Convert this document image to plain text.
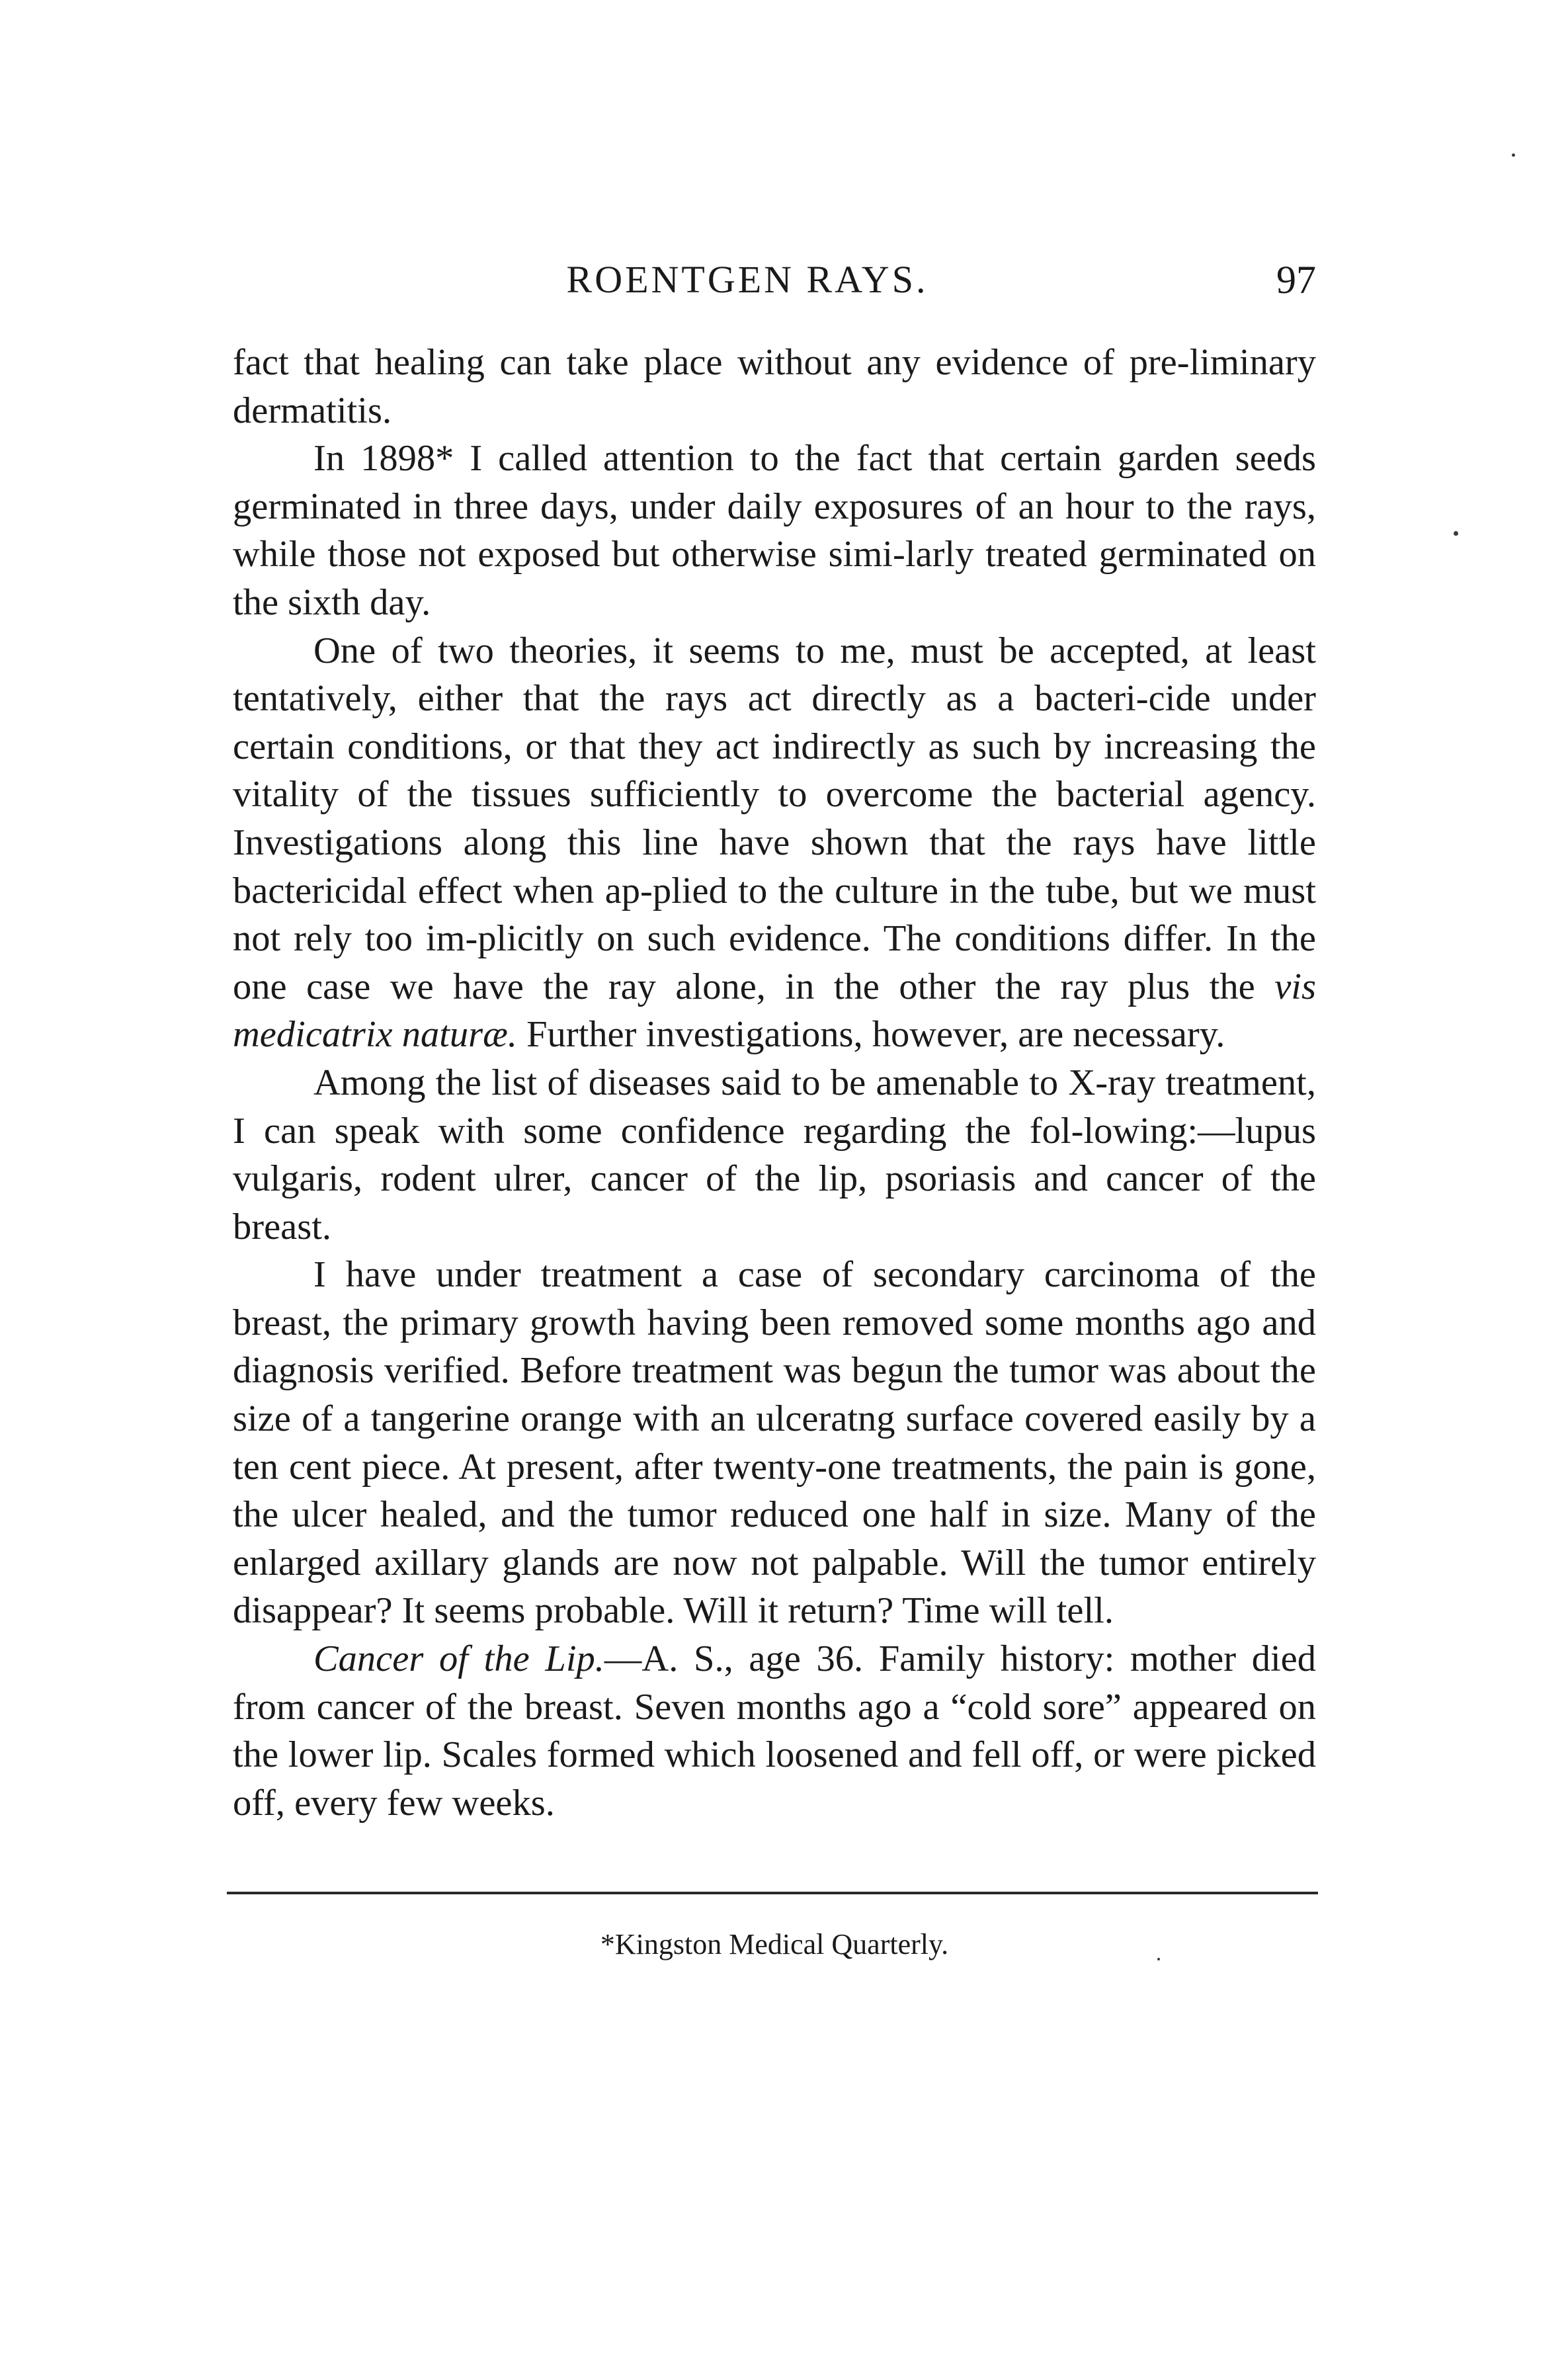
ROENTGEN RAYS.	97

fact that healing can take place without any evidence of pre-liminary dermatitis.

In 1898* I called attention to the fact that certain garden seeds germinated in three days, under daily exposures of an hour to the rays, while those not exposed but otherwise simi-larly treated germinated on the sixth day.

One of two theories, it seems to me, must be accepted, at least tentatively, either that the rays act directly as a bacteri-cide under certain conditions, or that they act indirectly as such by increasing the vitality of the tissues sufficiently to overcome the bacterial agency. Investigations along this line have shown that the rays have little bactericidal effect when ap-plied to the culture in the tube, but we must not rely too im-plicitly on such evidence. The conditions differ. In the one case we have the ray alone, in the other the ray plus the vis medicatrix naturæ. Further investigations, however, are necessary.

Among the list of diseases said to be amenable to X-ray treatment, I can speak with some confidence regarding the fol-lowing:—lupus vulgaris, rodent ulrer, cancer of the lip, psoriasis and cancer of the breast.

I have under treatment a case of secondary carcinoma of the breast, the primary growth having been removed some months ago and diagnosis verified. Before treatment was begun the tumor was about the size of a tangerine orange with an ulceratng surface covered easily by a ten cent piece. At present, after twenty-one treatments, the pain is gone, the ulcer healed, and the tumor reduced one half in size. Many of the enlarged axillary glands are now not palpable. Will the tumor entirely disappear? It seems probable. Will it return? Time will tell.

Cancer of the Lip.—A. S., age 36. Family history: mother died from cancer of the breast. Seven months ago a “cold sore” appeared on the lower lip. Scales formed which loosened and fell off, or were picked off, every few weeks.

*Kingston Medical Quarterly.
